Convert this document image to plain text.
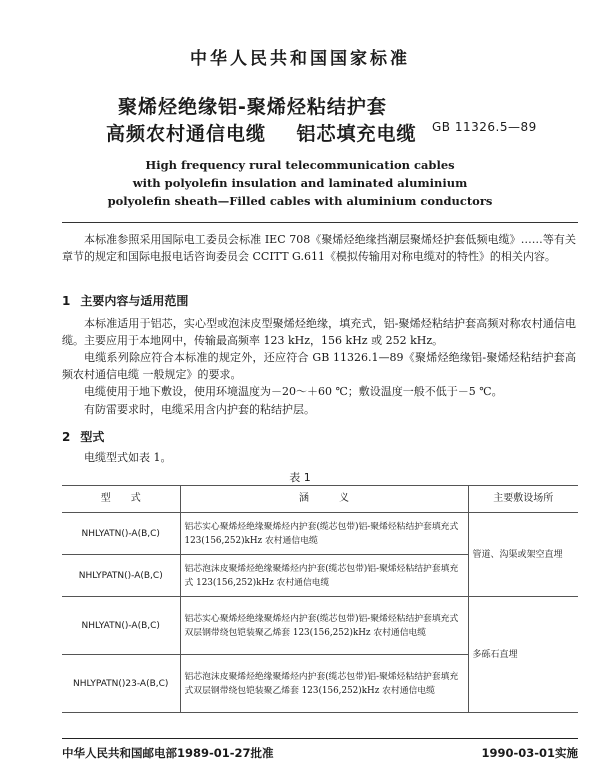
中华人民共和国国家标准
聚烯烃绝缘铝-聚烯烃粘结护套
高频农村通信电缆    铝芯填充电缆 GB 11326.5—89
High frequency rural telecommunication cables
with polyolefin insulation and laminated aluminium
polyolefin sheath—Filled cables with aluminium conductors
本标准参照采用国际电工委员会标准 IEC 708《聚烯烃绝缘挡潮层聚烯烃护套低频电缆》……等有关章节的规定和国际电报电话咨询委员会 CCITT G.611《模拟传输用对称电缆对的特性》的相关内容。
1 主要内容与适用范围
本标准适用于铝芯，实心型或泡沫皮型聚烯烃绝缘，填充式，铝-聚烯烃粘结护套高频对称农村通信电缆。主要应用于本地网中，传输最高频率 123 kHz，156 kHz 或 252 kHz。
电缆系列除应符合本标准的规定外，还应符合 GB 11326.1—89《聚烯烃绝缘铝-聚烯烃粘结护套高频农村通信电缆 一般规定》的要求。
电缆使用于地下敷设，使用环境温度为－20～＋60 ℃；敷设温度一般不低于－5 ℃。
有防雷要求时，电缆采用含内护套的粘结护层。
2 型式
电缆型式如表 1。
表 1
型　　式	涵　　　义	主要敷设场所
NHLYATN()-A(B,C)	铝芯实心聚烯烃绝缘聚烯烃内护套(缆芯包带)铝-聚烯烃粘结护套填充式 123(156,252)kHz 农村通信电缆	管道、沟渠或架空直埋
NHLYPATN()-A(B,C)	铝芯泡沫皮聚烯烃绝缘聚烯烃内护套(缆芯包带)铝-聚烯烃粘结护套填充式 123(156,252)kHz 农村通信电缆	
NHLYATN()-A(B,C)	铝芯实心聚烯烃绝缘聚烯烃内护套(缆芯包带)铝-聚烯烃粘结护套填充式双层钢带绕包铠装聚乙烯套 123(156,252)kHz 农村通信电缆	多砾石直埋
NHLYPATN()23-A(B,C)	铝芯泡沫皮聚烯烃绝缘聚烯烃内护套(缆芯包带)铝-聚烯烃粘结护套填充式双层钢带绕包铠装聚乙烯套 123(156,252)kHz 农村通信电缆	
中华人民共和国邮电部1989-01-27批准	1990-03-01实施
